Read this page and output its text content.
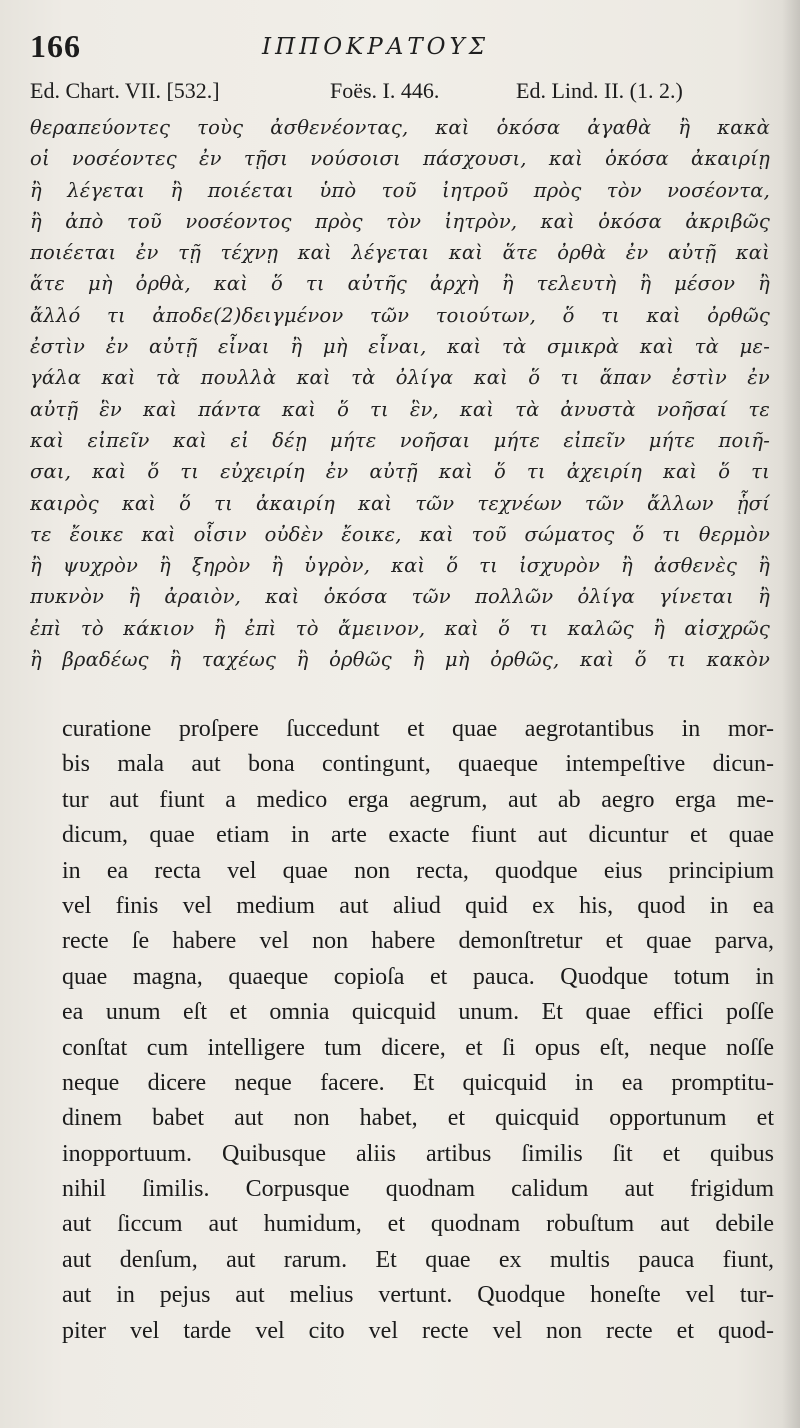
166	ΙΠΠΟΚΡΑΤΟΥΣ
Ed. Chart. VII. [532.]	Foës. I. 446.	Ed. Lind. II. (1. 2.)
θεραπεύοντες τοὺς ἀσθενέοντας, καὶ ὁκόσα ἀγαθὰ ἢ κακὰ
οἱ νοσέοντες ἐν τῇσι νούσοισι πάσχουσι, καὶ ὁκόσα ἀκαιρίῃ
ἢ λέγεται ἢ ποιέεται ὑπὸ τοῦ ἰητροῦ πρὸς τὸν νοσέοντα,
ἢ ἀπὸ τοῦ νοσέοντος πρὸς τὸν ἰητρὸν, καὶ ὁκόσα ἀκριβῶς
ποιέεται ἐν τῇ τέχνῃ καὶ λέγεται καὶ ἅτε ὀρθὰ ἐν αὐτῇ καὶ
ἅτε μὴ ὀρθὰ, καὶ ὅ τι αὐτῆς ἀρχὴ ἢ τελευτὴ ἢ μέσον ἢ
ἄλλό τι ἀποδε(2)δειγμένον τῶν τοιούτων, ὅ τι καὶ ὀρθῶς
ἐστὶν ἐν αὐτῇ εἶναι ἢ μὴ εἶναι, καὶ τὰ σμικρὰ καὶ τὰ με-
γάλα καὶ τὰ πουλλὰ καὶ τὰ ὀλίγα καὶ ὅ τι ἅπαν ἐστὶν ἐν
αὐτῇ ἓν καὶ πάντα καὶ ὅ τι ἓν, καὶ τὰ ἀνυστὰ νοῆσαί τε
καὶ εἰπεῖν καὶ εἰ δέῃ μήτε νοῆσαι μήτε εἰπεῖν μήτε ποιῆ-
σαι, καὶ ὅ τι εὐχειρίη ἐν αὐτῇ καὶ ὅ τι ἀχειρίη καὶ ὅ τι
καιρὸς καὶ ὅ τι ἀκαιρίη καὶ τῶν τεχνέων τῶν ἄλλων ᾗσί
τε ἔοικε καὶ οἷσιν οὐδὲν ἔοικε, καὶ τοῦ σώματος ὅ τι θερμὸν
ἢ ψυχρὸν ἢ ξηρὸν ἢ ὑγρὸν, καὶ ὅ τι ἰσχυρὸν ἢ ἀσθενὲς ἢ
πυκνὸν ἢ ἀραιὸν, καὶ ὁκόσα τῶν πολλῶν ὀλίγα γίνεται ἢ
ἐπὶ τὸ κάκιον ἢ ἐπὶ τὸ ἄμεινον, καὶ ὅ τι καλῶς ἢ αἰσχρῶς
ἢ βραδέως ἢ ταχέως ἢ ὀρθῶς ἢ μὴ ὀρθῶς, καὶ ὅ τι κακὸν
curatione proſpere ſuccedunt et quae aegrotantibus in mor-
bis mala aut bona contingunt, quaeque intempeſtive dicun-
tur aut fiunt a medico erga aegrum, aut ab aegro erga me-
dicum, quae etiam in arte exacte fiunt aut dicuntur et quae
in ea recta vel quae non recta, quodque eius principium
vel finis vel medium aut aliud quid ex his, quod in ea
recte ſe habere vel non habere demonſtretur et quae parva,
quae magna, quaeque copioſa et pauca. Quodque totum in
ea unum eſt et omnia quicquid unum. Et quae effici poſſe
conſtat cum intelligere tum dicere, et ſi opus eſt, neque noſſe
neque dicere neque facere. Et quicquid in ea promptitu-
dinem babet aut non habet, et quicquid opportunum et
inopportuum. Quibusque aliis artibus ſimilis ſit et quibus
nihil ſimilis. Corpusque quodnam calidum aut frigidum
aut ſiccum aut humidum, et quodnam robuſtum aut debile
aut denſum, aut rarum. Et quae ex multis pauca fiunt,
aut in pejus aut melius vertunt. Quodque honeſte vel tur-
piter vel tarde vel cito vel recte vel non recte et quod-
